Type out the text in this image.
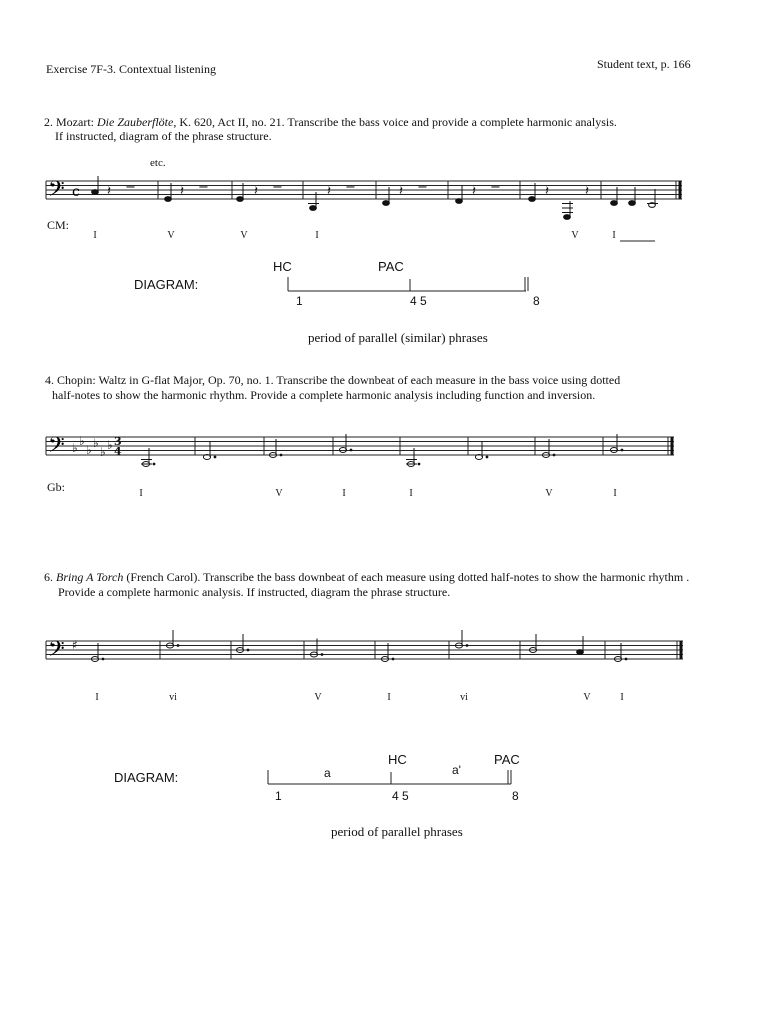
Exercise 7F-3. Contextual listening	Student text, p. 166
2. Mozart: Die Zauberflöte, K. 620, Act II, no. 21. Transcribe the bass voice and provide a complete harmonic analysis.
If instructed, diagram of the phrase structure.
etc.
𝄢 c 𝄽 −	𝄽 −	𝄽 −	𝄽 −	𝄽 −	𝄽 −	𝄽	𝄽
CM:
I	V	V	I	V	I
DIAGRAM:
HC	PAC
1	4 5	8
period of parallel (similar) phrases
4. Chopin: Waltz in G-flat Major, Op. 70, no. 1. Transcribe the downbeat of each measure in the bass voice using dotted
half-notes to show the harmonic rhythm. Provide a complete harmonic analysis including function and inversion.
𝄢 ♭ ♭
♭ ♭
♭ ♭ 3
4
Gb:	I	V	I	I	V	I
6. Bring A Torch (French Carol). Transcribe the bass downbeat of each measure using dotted half-notes to show the harmonic rhythm .
Provide a complete harmonic analysis. If instructed, diagram the phrase structure.
𝄢 ♯
I	vi	V	I	vi	V	I
DIAGRAM:
HC	PAC
a	a'
1	4 5	8
period of parallel phrases
